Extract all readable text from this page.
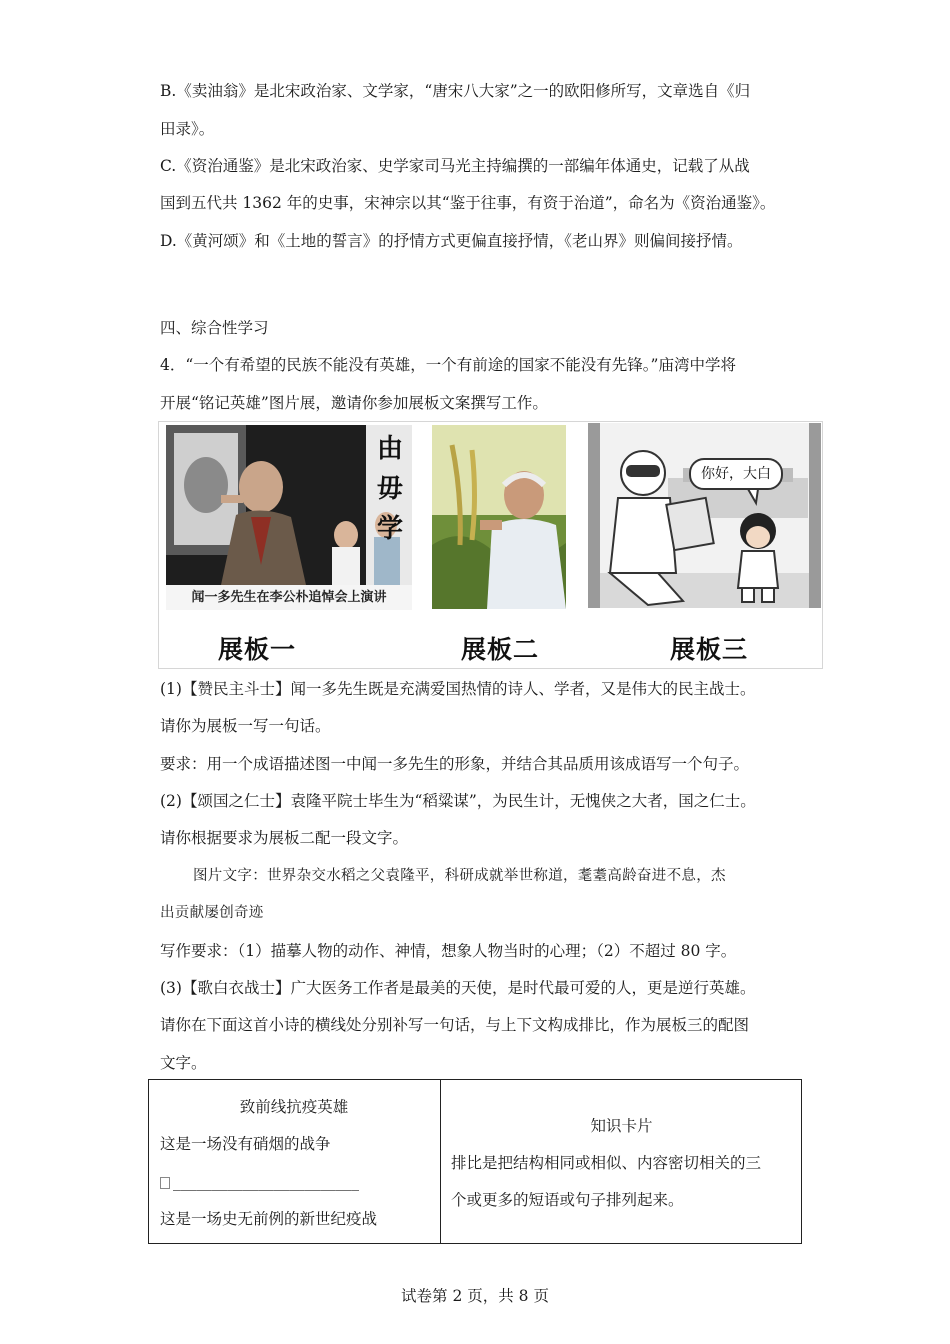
B.《卖油翁》是北宋政治家、文学家，“唐宋八大家”之一的欧阳修所写，文章选自《归
田录》。
C.《资治通鉴》是北宋政治家、史学家司马光主持编撰的一部编年体通史，记载了从战
国到五代共 1362 年的史事，宋神宗以其“鉴于往事，有资于治道”，命名为《资治通鉴》。
D.《黄河颂》和《土地的誓言》的抒情方式更偏直接抒情，《老山界》则偏间接抒情。
四、综合性学习
4．“一个有希望的民族不能没有英雄，一个有前途的国家不能没有先锋。”庙湾中学将
开展“铭记英雄”图片展，邀请你参加展板文案撰写工作。
由 毋 学
闻一多先生在李公朴追悼会上演讲
你好，大白
展板一	展板二	展板三
(1)【赞民主斗士】闻一多先生既是充满爱国热情的诗人、学者，又是伟大的民主战士。
请你为展板一写一句话。
要求：用一个成语描述图一中闻一多先生的形象，并结合其品质用该成语写一个句子。
(2)【颂国之仁士】袁隆平院士毕生为“稻粱谋”，为民生计，无愧侠之大者，国之仁士。
请你根据要求为展板二配一段文字。
图片文字：世界杂交水稻之父袁隆平，科研成就举世称道，耄耋高龄奋进不息，杰
出贡献屡创奇迹
写作要求：（1）描摹人物的动作、神情，想象人物当时的心理；（2）不超过 80 字。
(3)【歌白衣战士】广大医务工作者是最美的天使，是时代最可爱的人，更是逆行英雄。
请你在下面这首小诗的横线处分别补写一句话，与上下文构成排比，作为展板三的配图
文字。
致前线抗疫英雄
这是一场没有硝烟的战争
________________________
这是一场史无前例的新世纪疫战
知识卡片
排比是把结构相同或相似、内容密切相关的三
个或更多的短语或句子排列起来。
试卷第 2 页，共 8 页
